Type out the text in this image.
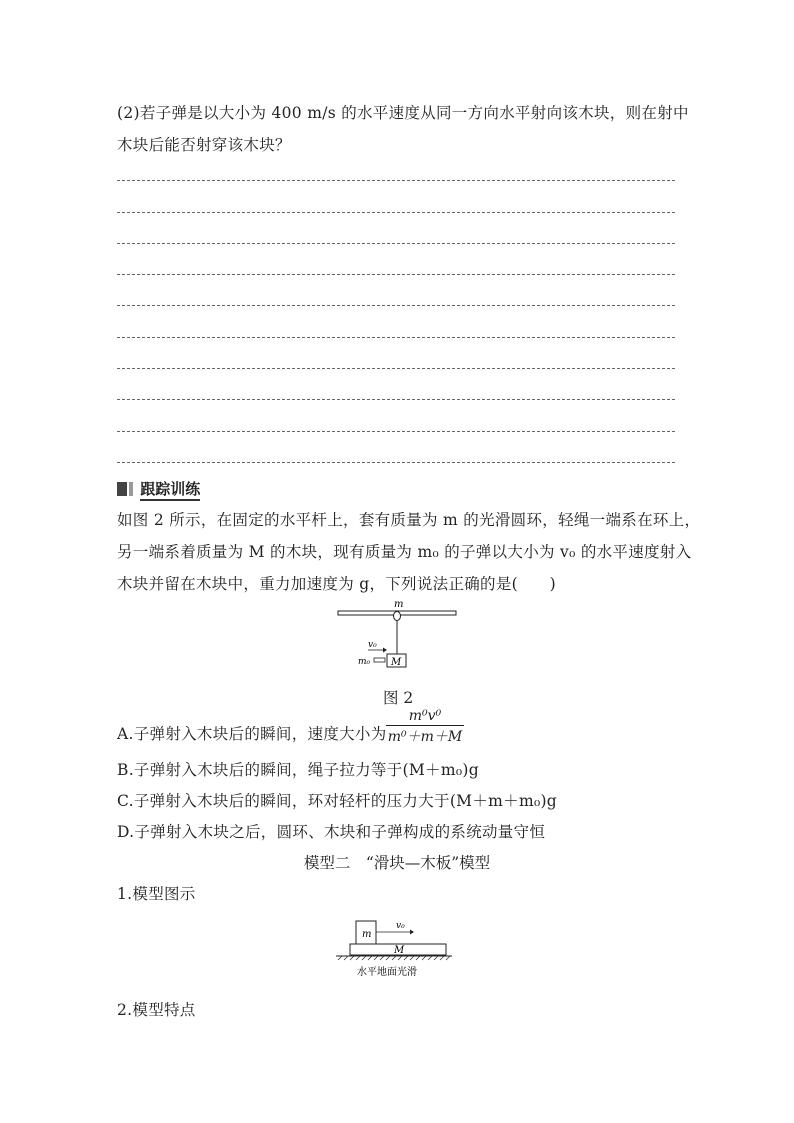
(2)若子弹是以大小为 400 m/s 的水平速度从同一方向水平射向该木块，则在射中
木块后能否射穿该木块？
跟踪训练
如图 2 所示，在固定的水平杆上，套有质量为 m 的光滑圆环，轻绳一端系在环上，
另一端系着质量为 M 的木块，现有质量为 m₀ 的子弹以大小为 v₀ 的水平速度射入
木块并留在木块中，重力加速度为 g，下列说法正确的是(　　)
m
M
m₀
v₀
图 2
A.子弹射入木块后的瞬间，速度大小为 $\frac{\text{m⁰v⁰}}{\text{m⁰＋m＋M}}$
B.子弹射入木块后的瞬间，绳子拉力等于(M＋m₀)g
C.子弹射入木块后的瞬间，环对轻杆的压力大于(M＋m＋m₀)g
D.子弹射入木块之后，圆环、木块和子弹构成的系统动量守恒
模型二　“滑块—木板”模型
1.模型图示
m
v₀
M
水平地面光滑
2.模型特点
